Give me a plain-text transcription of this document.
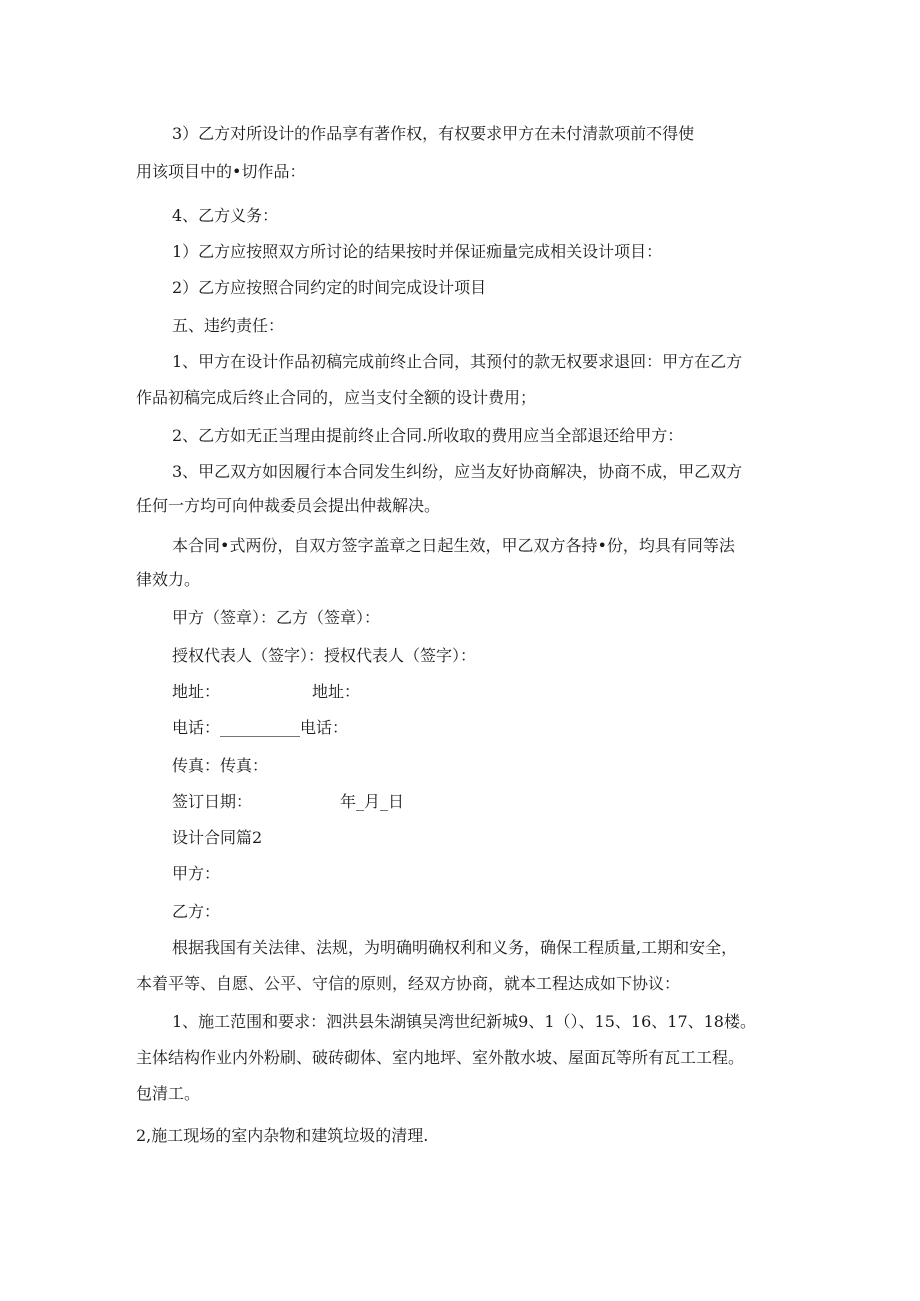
3）乙方对所设计的作品享有著作权，有权要求甲方在未付清款项前不得使
用该项目中的•切作品：
4、乙方义务：
1）乙方应按照双方所讨论的结果按时并保证痂量完成相关设计项目：
2）乙方应按照合同约定的时间完成设计项目
五、违约责任：
1、甲方在设计作品初稿完成前终止合同，其预付的款无权要求退回：甲方在乙方
作品初稿完成后终止合同的，应当支付全额的设计费用；
2、乙方如无正当理由提前终止合同.所收取的费用应当全部退还给甲方：
3、甲乙双方如因履行本合同发生纠纷，应当友好协商解决，协商不成，甲乙双方
任何一方均可向仲裁委员会提出仲裁解决。
本合同•式两份，自双方签字盖章之日起生效，甲乙双方各持•份，均具有同等法
律效力。
甲方（签章）：乙方（签章）：
授权代表人（签字）：授权代表人（签字）：
地址：	地址：
电话：__________电话：
传真：传真：
签订日期：	年_月_日
设计合同篇2
甲方：
乙方：
根据我国有关法律、法规，为明确明确权利和义务，确保工程质量,工期和安全，
本着平等、自愿、公平、守信的原则，经双方协商，就本工程达成如下协议：
1、施工范围和要求：泗洪县朱湖镇吴湾世纪新城9、1（）、15、16、17、18楼。
主体结构作业内外粉刷、破砖砌体、室内地坪、室外散水坡、屋面瓦等所有瓦工工程。
包清工。
2,施工现场的室内杂物和建筑垃圾的清理.
